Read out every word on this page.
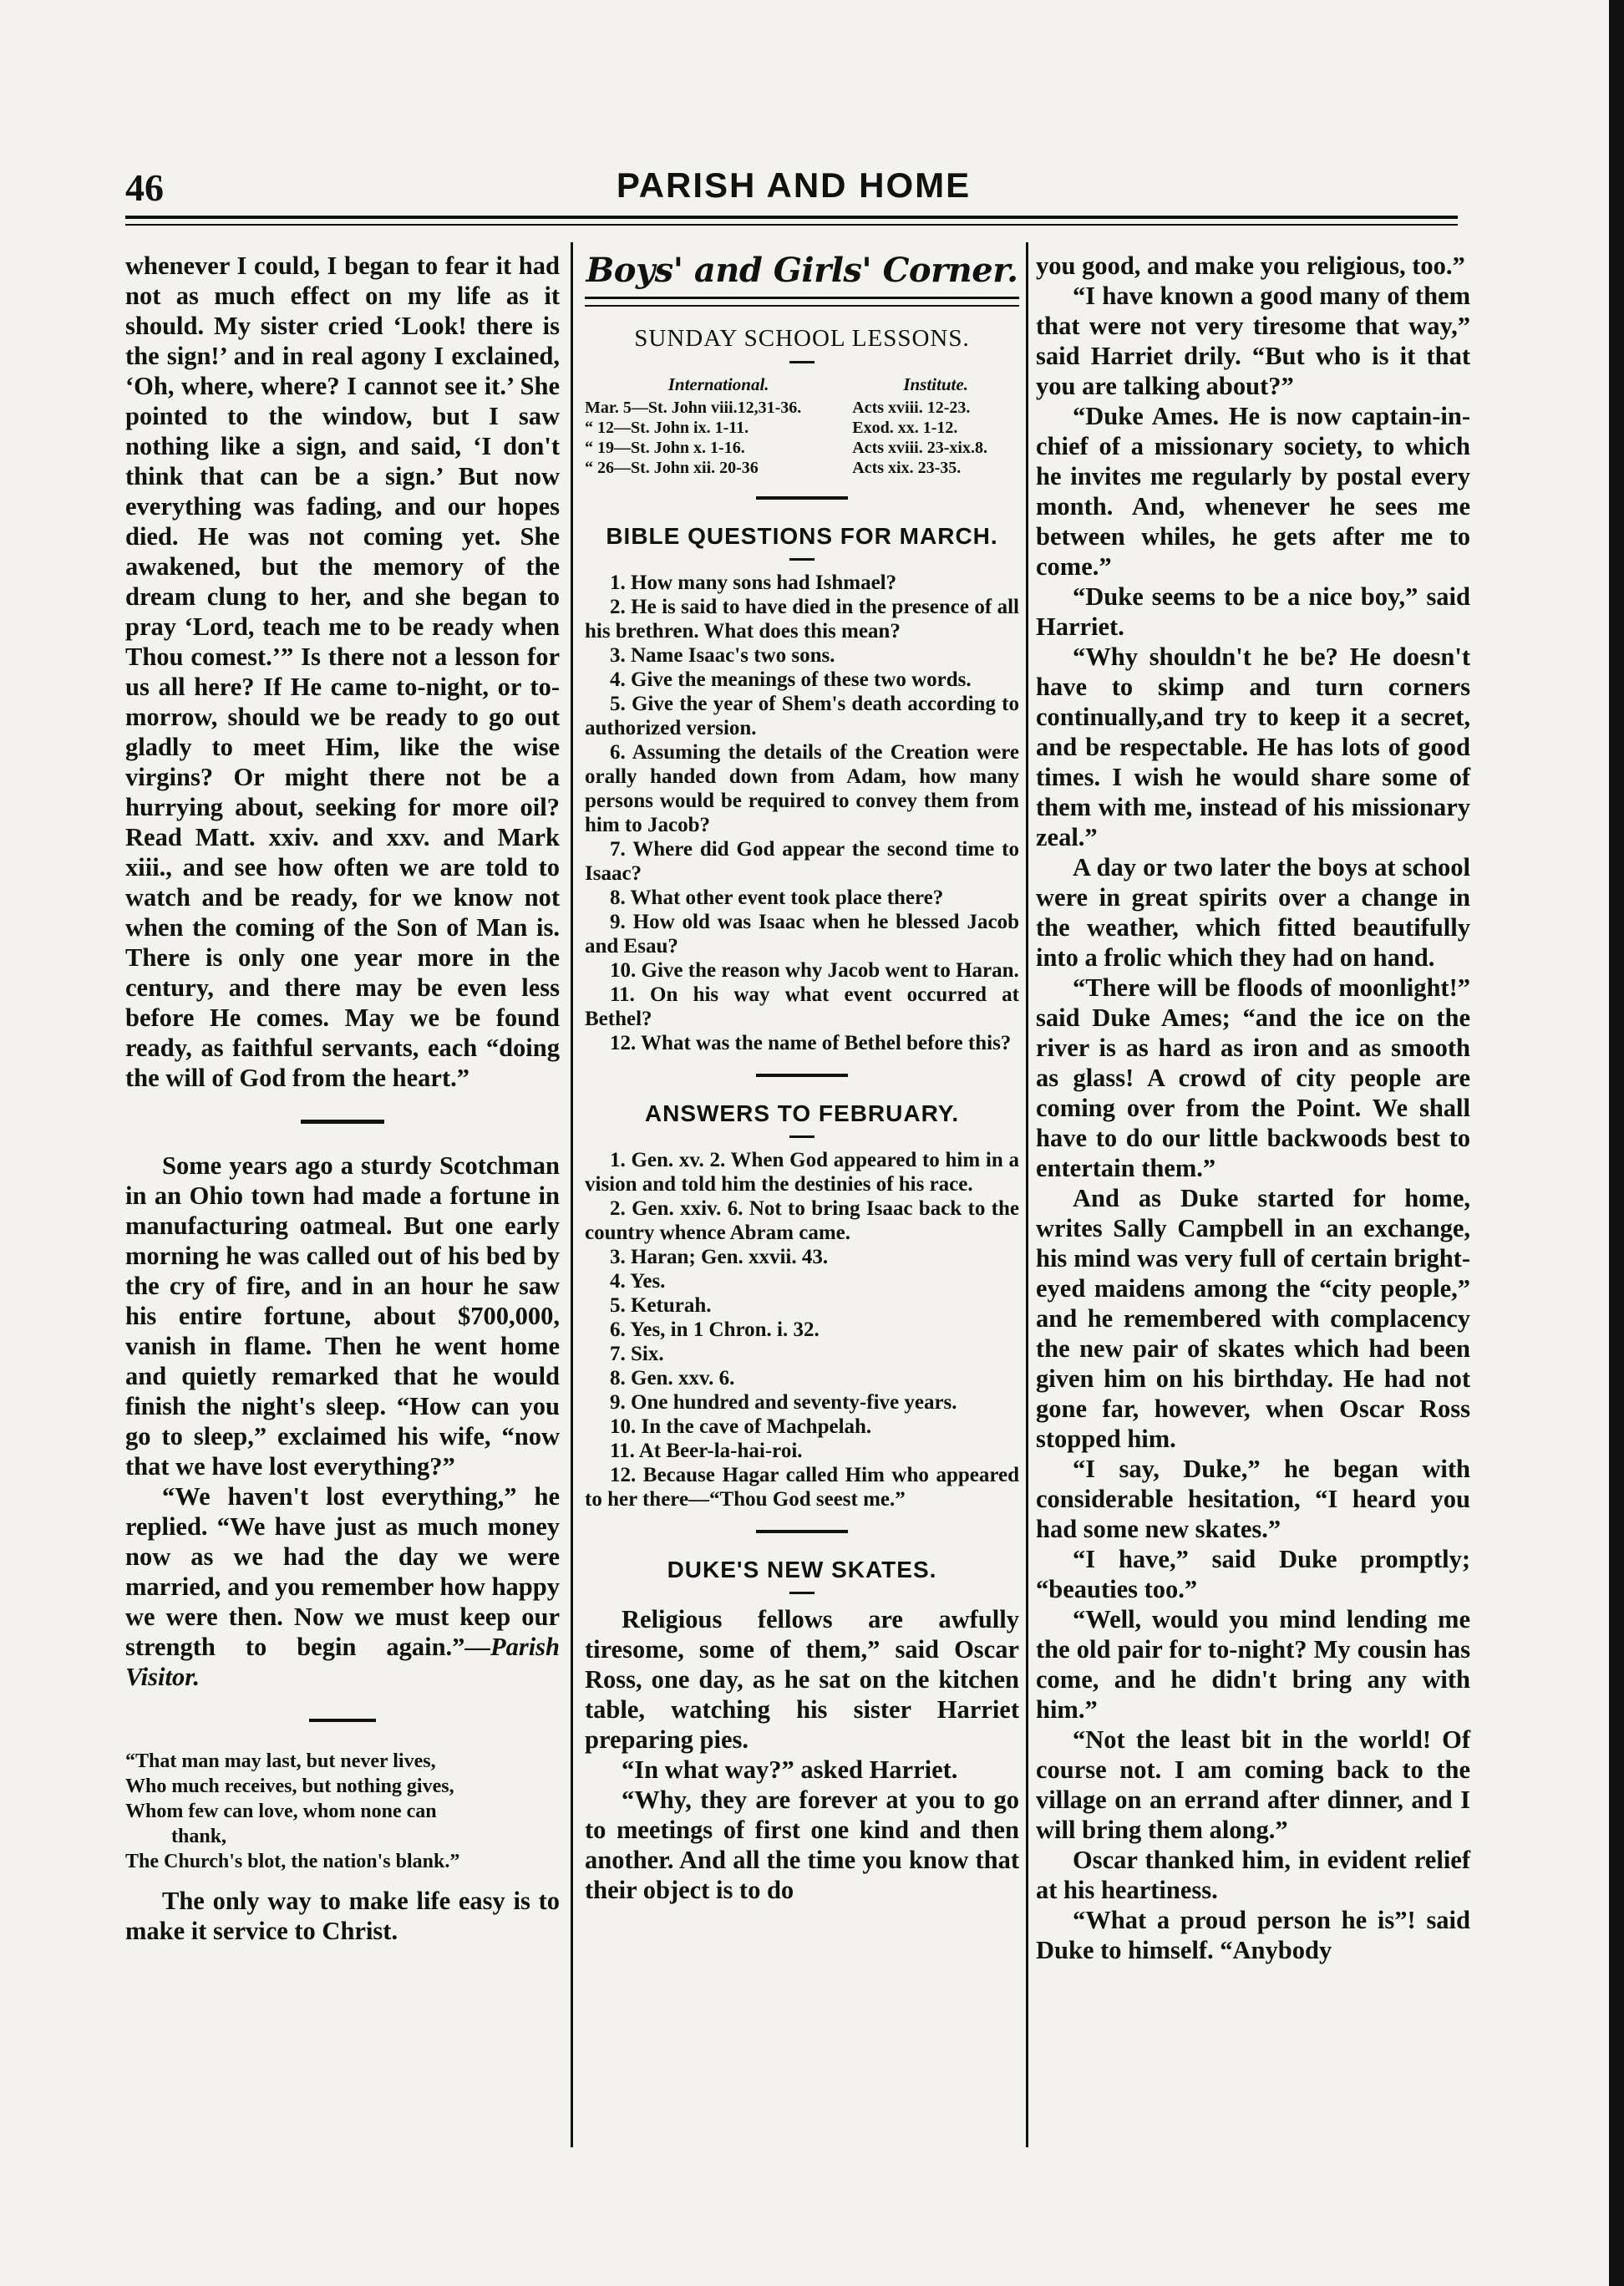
46	PARISH AND HOME

whenever I could, I began to fear it had not as much effect on my life as it should. My sister cried ‘Look! there is the sign!’ and in real agony I exclained, ‘Oh, where, where? I cannot see it.’ She pointed to the window, but I saw nothing like a sign, and said, ‘I don't think that can be a sign.’ But now everything was fading, and our hopes died. He was not coming yet. She awakened, but the memory of the dream clung to her, and she began to pray ‘Lord, teach me to be ready when Thou comest.’” Is there not a lesson for us all here? If He came to-night, or to-morrow, should we be ready to go out gladly to meet Him, like the wise virgins? Or might there not be a hurrying about, seeking for more oil? Read Matt. xxiv. and xxv. and Mark xiii., and see how often we are told to watch and be ready, for we know not when the coming of the Son of Man is. There is only one year more in the century, and there may be even less before He comes. May we be found ready, as faithful servants, each “doing the will of God from the heart.”

Some years ago a sturdy Scotchman in an Ohio town had made a fortune in manufacturing oatmeal. But one early morning he was called out of his bed by the cry of fire, and in an hour he saw his entire fortune, about $700,000, vanish in flame. Then he went home and quietly remarked that he would finish the night's sleep. “How can you go to sleep,” exclaimed his wife, “now that we have lost everything?”

“We haven't lost everything,” he replied. “We have just as much money now as we had the day we were married, and you remember how happy we were then. Now we must keep our strength to begin again.”—Parish Visitor.

“That man may last, but never lives,
Who much receives, but nothing gives,
Whom few can love, whom none can
thank,
The Church's blot, the nation's blank.”

The only way to make life easy is to make it service to Christ.

Boys' and Girls' Corner.
SUNDAY SCHOOL LESSONS.
International.	Institute.
Mar. 5—St. John viii.12,31-36.	Acts xviii. 12-23.
“ 12—St. John ix. 1-11.	Exod. xx. 1-12.
“ 19—St. John x. 1-16.	Acts xviii. 23-xix.8.
“ 26—St. John xii. 20-36	Acts xix. 23-35.
BIBLE QUESTIONS FOR MARCH.

1. How many sons had Ishmael?

2. He is said to have died in the presence of all his brethren. What does this mean?

3. Name Isaac's two sons.

4. Give the meanings of these two words.

5. Give the year of Shem's death according to authorized version.

6. Assuming the details of the Creation were orally handed down from Adam, how many persons would be required to convey them from him to Jacob?

7. Where did God appear the second time to Isaac?

8. What other event took place there?

9. How old was Isaac when he blessed Jacob and Esau?

10. Give the reason why Jacob went to Haran.

11. On his way what event occurred at Bethel?

12. What was the name of Bethel before this?

ANSWERS TO FEBRUARY.

1. Gen. xv. 2. When God appeared to him in a vision and told him the destinies of his race.

2. Gen. xxiv. 6. Not to bring Isaac back to the country whence Abram came.

3. Haran; Gen. xxvii. 43.

4. Yes.

5. Keturah.

6. Yes, in 1 Chron. i. 32.

7. Six.

8. Gen. xxv. 6.

9. One hundred and seventy-five years.

10. In the cave of Machpelah.

11. At Beer-la-hai-roi.

12. Because Hagar called Him who appeared to her there—“Thou God seest me.”

DUKE'S NEW SKATES.

Religious fellows are awfully tiresome, some of them,” said Oscar Ross, one day, as he sat on the kitchen table, watching his sister Harriet preparing pies.

“In what way?” asked Harriet.

“Why, they are forever at you to go to meetings of first one kind and then another. And all the time you know that their object is to do

you good, and make you religious, too.”

“I have known a good many of them that were not very tiresome that way,” said Harriet drily. “But who is it that you are talking about?”

“Duke Ames. He is now captain-in-chief of a missionary society, to which he invites me regularly by postal every month. And, whenever he sees me between whiles, he gets after me to come.”

“Duke seems to be a nice boy,” said Harriet.

“Why shouldn't he be? He doesn't have to skimp and turn corners continually,and try to keep it a secret, and be respectable. He has lots of good times. I wish he would share some of them with me, instead of his missionary zeal.”

A day or two later the boys at school were in great spirits over a change in the weather, which fitted beautifully into a frolic which they had on hand.

“There will be floods of moonlight!” said Duke Ames; “and the ice on the river is as hard as iron and as smooth as glass! A crowd of city people are coming over from the Point. We shall have to do our little backwoods best to entertain them.”

And as Duke started for home, writes Sally Campbell in an exchange, his mind was very full of certain bright-eyed maidens among the “city people,” and he remembered with complacency the new pair of skates which had been given him on his birthday. He had not gone far, however, when Oscar Ross stopped him.

“I say, Duke,” he began with considerable hesitation, “I heard you had some new skates.”

“I have,” said Duke promptly; “beauties too.”

“Well, would you mind lending me the old pair for to-night? My cousin has come, and he didn't bring any with him.”

“Not the least bit in the world! Of course not. I am coming back to the village on an errand after dinner, and I will bring them along.”

Oscar thanked him, in evident relief at his heartiness.

“What a proud person he is”! said Duke to himself. “Anybody
